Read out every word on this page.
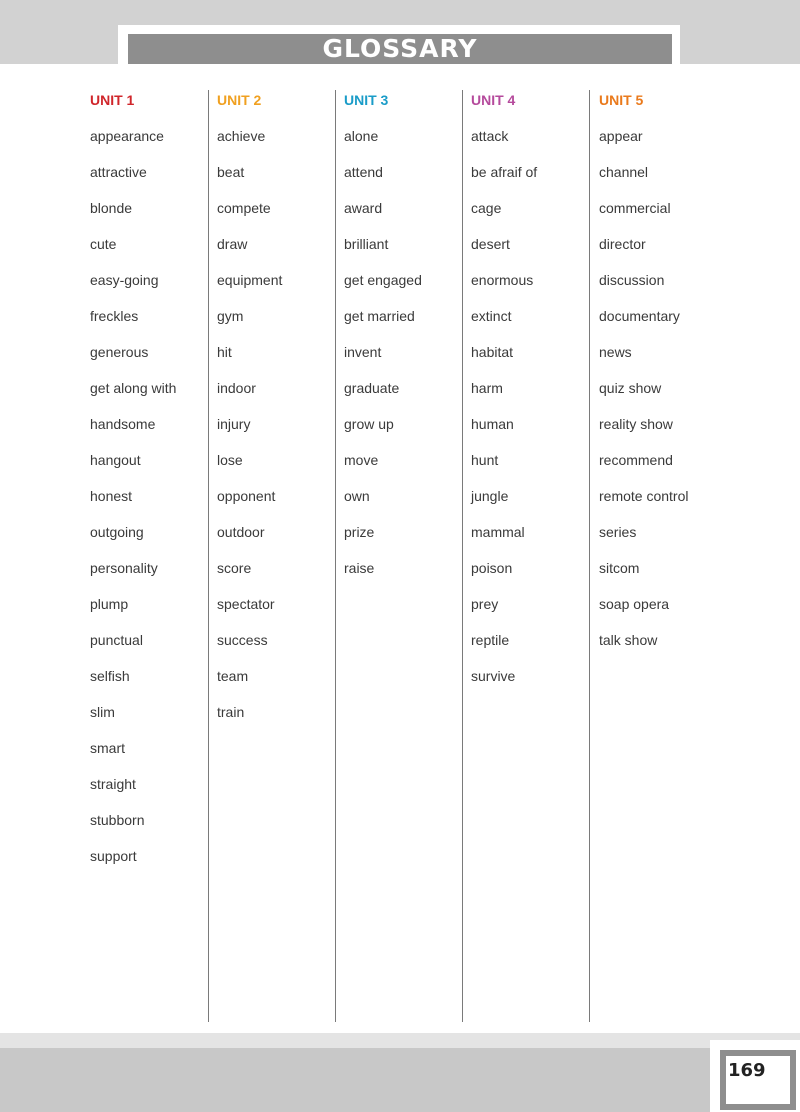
GLOSSARY
UNIT 1
appearance
attractive
blonde
cute
easy-going
freckles
generous
get along with
handsome
hangout
honest
outgoing
personality
plump
punctual
selfish
slim
smart
straight
stubborn
support
UNIT 2
achieve
beat
compete
draw
equipment
gym
hit
indoor
injury
lose
opponent
outdoor
score
spectator
success
team
train
UNIT 3
alone
attend
award
brilliant
get engaged
get married
invent
graduate
grow up
move
own
prize
raise
UNIT 4
attack
be afraif of
cage
desert
enormous
extinct
habitat
harm
human
hunt
jungle
mammal
poison
prey
reptile
survive
UNIT 5
appear
channel
commercial
director
discussion
documentary
news
quiz show
reality show
recommend
remote control
series
sitcom
soap opera
talk show
169
